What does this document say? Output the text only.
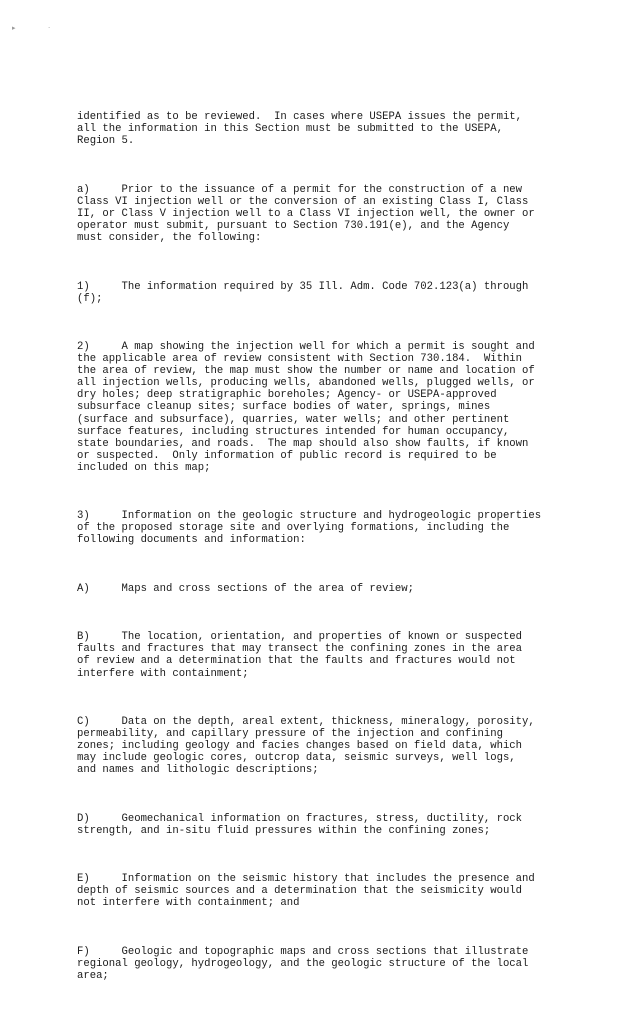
▸	·

identified as to be reviewed.  In cases where USEPA issues the permit,
all the information in this Section must be submitted to the USEPA,
Region 5.

a)     Prior to the issuance of a permit for the construction of a new
Class VI injection well or the conversion of an existing Class I, Class
II, or Class V injection well to a Class VI injection well, the owner or
operator must submit, pursuant to Section 730.191(e), and the Agency
must consider, the following:

1)     The information required by 35 Ill. Adm. Code 702.123(a) through
(f);

2)     A map showing the injection well for which a permit is sought and
the applicable area of review consistent with Section 730.184.  Within
the area of review, the map must show the number or name and location of
all injection wells, producing wells, abandoned wells, plugged wells, or
dry holes; deep stratigraphic boreholes; Agency- or USEPA-approved
subsurface cleanup sites; surface bodies of water, springs, mines
(surface and subsurface), quarries, water wells; and other pertinent
surface features, including structures intended for human occupancy,
state boundaries, and roads.  The map should also show faults, if known
or suspected.  Only information of public record is required to be
included on this map;

3)     Information on the geologic structure and hydrogeologic properties
of the proposed storage site and overlying formations, including the
following documents and information:

A)     Maps and cross sections of the area of review;

B)     The location, orientation, and properties of known or suspected
faults and fractures that may transect the confining zones in the area
of review and a determination that the faults and fractures would not
interfere with containment;

C)     Data on the depth, areal extent, thickness, mineralogy, porosity,
permeability, and capillary pressure of the injection and confining
zones; including geology and facies changes based on field data, which
may include geologic cores, outcrop data, seismic surveys, well logs,
and names and lithologic descriptions;

D)     Geomechanical information on fractures, stress, ductility, rock
strength, and in-situ fluid pressures within the confining zones;

E)     Information on the seismic history that includes the presence and
depth of seismic sources and a determination that the seismicity would
not interfere with containment; and

F)     Geologic and topographic maps and cross sections that illustrate
regional geology, hydrogeology, and the geologic structure of the local
area;
